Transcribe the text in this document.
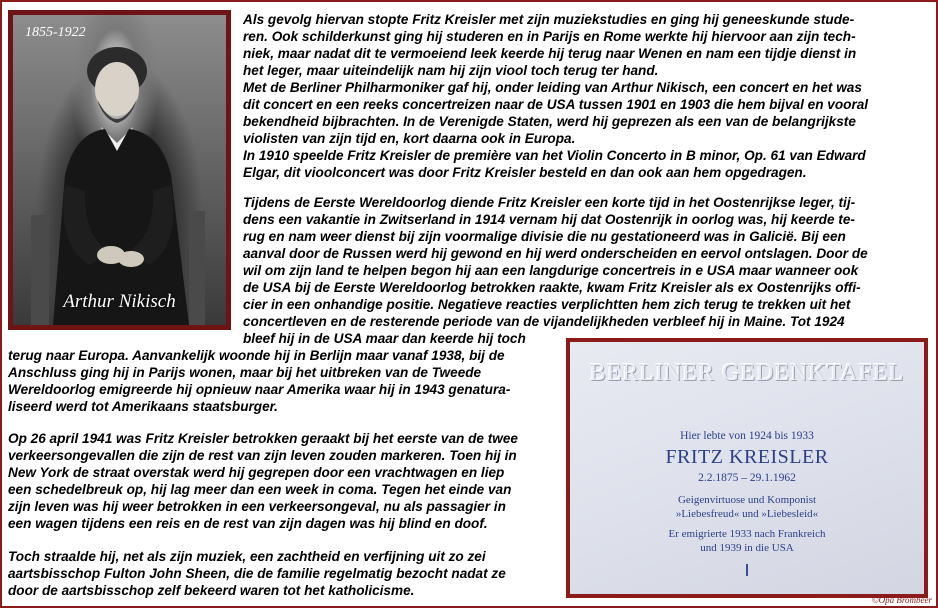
1855-1922
Arthur Nikisch

Als gevolg hiervan stopte Fritz Kreisler met zijn muziekstudies en ging hij geneeskunde stude-
ren. Ook schilderkunst ging hij studeren en in Parijs en Rome werkte hij hiervoor aan zijn tech-
niek, maar nadat dit te vermoeiend leek keerde hij terug naar Wenen en nam een tijdje dienst in
het leger, maar uiteindelijk nam hij zijn viool toch terug ter hand.
Met de Berliner Philharmoniker gaf hij, onder leiding van Arthur Nikisch, een concert en het was
dit concert en een reeks concertreizen naar de USA tussen 1901 en 1903 die hem bijval en vooral
bekendheid bijbrachten. In de Verenigde Staten, werd hij geprezen als een van de belangrijkste
violisten van zijn tijd en, kort daarna ook in Europa.
In 1910 speelde Fritz Kreisler de première van het Violin Concerto in B minor, Op. 61 van Edward
Elgar, dit vioolconcert was door Fritz Kreisler besteld en dan ook aan hem opgedragen.

Tijdens de Eerste Wereldoorlog diende Fritz Kreisler een korte tijd in het Oostenrijkse leger, tij-
dens een vakantie in Zwitserland in 1914 vernam hij dat Oostenrijk in oorlog was, hij keerde te-
rug en nam weer dienst bij zijn voormalige divisie die nu gestationeerd was in Galicië. Bij een
aanval door de Russen werd hij gewond en hij werd onderscheiden en eervol ontslagen. Door de
wil om zijn land te helpen begon hij aan een langdurige concertreis in e USA maar wanneer ook
de USA bij de Eerste Wereldoorlog betrokken raakte, kwam Fritz Kreisler als ex Oostenrijks offi-
cier in een onhandige positie. Negatieve reacties verplichtten hem zich terug te trekken uit het
concertleven en de resterende periode van de vijandelijkheden verbleef hij in Maine. Tot 1924

bleef hij in de USA maar dan keerde hij toch

terug naar Europa. Aanvankelijk woonde hij in Berlijn maar vanaf 1938, bij de
Anschluss ging hij in Parijs wonen, maar bij het uitbreken van de Tweede
Wereldoorlog emigreerde hij opnieuw naar Amerika waar hij in 1943 genatura-
liseerd werd tot Amerikaans staatsburger.

Op 26 april 1941 was Fritz Kreisler betrokken geraakt bij het eerste van de twee
verkeersongevallen die zijn de rest van zijn leven zouden markeren. Toen hij in
New York de straat overstak werd hij gegrepen door een vrachtwagen en liep
een schedelbreuk op, hij lag meer dan een week in coma. Tegen het einde van
zijn leven was hij weer betrokken in een verkeersongeval, nu als passagier in
een wagen tijdens een reis en de rest van zijn dagen was hij blind en doof.

Toch straalde hij, net als zijn muziek, een zachtheid en verfijning uit zo zei
aartsbisschop Fulton John Sheen, die de familie regelmatig bezocht nadat ze
door de aartsbisschop zelf bekeerd waren tot het katholicisme.

BERLINER GEDENKTAFEL
Hier lebte von 1924 bis 1933
FRITZ KREISLER
2.2.1875 – 29.1.1962
Geigenvirtuose und Komponist
»Liebesfreud« und »Liebesleid«
Er emigrierte 1933 nach Frankreich
und 1939 in die USA
©Opa Brombeer
